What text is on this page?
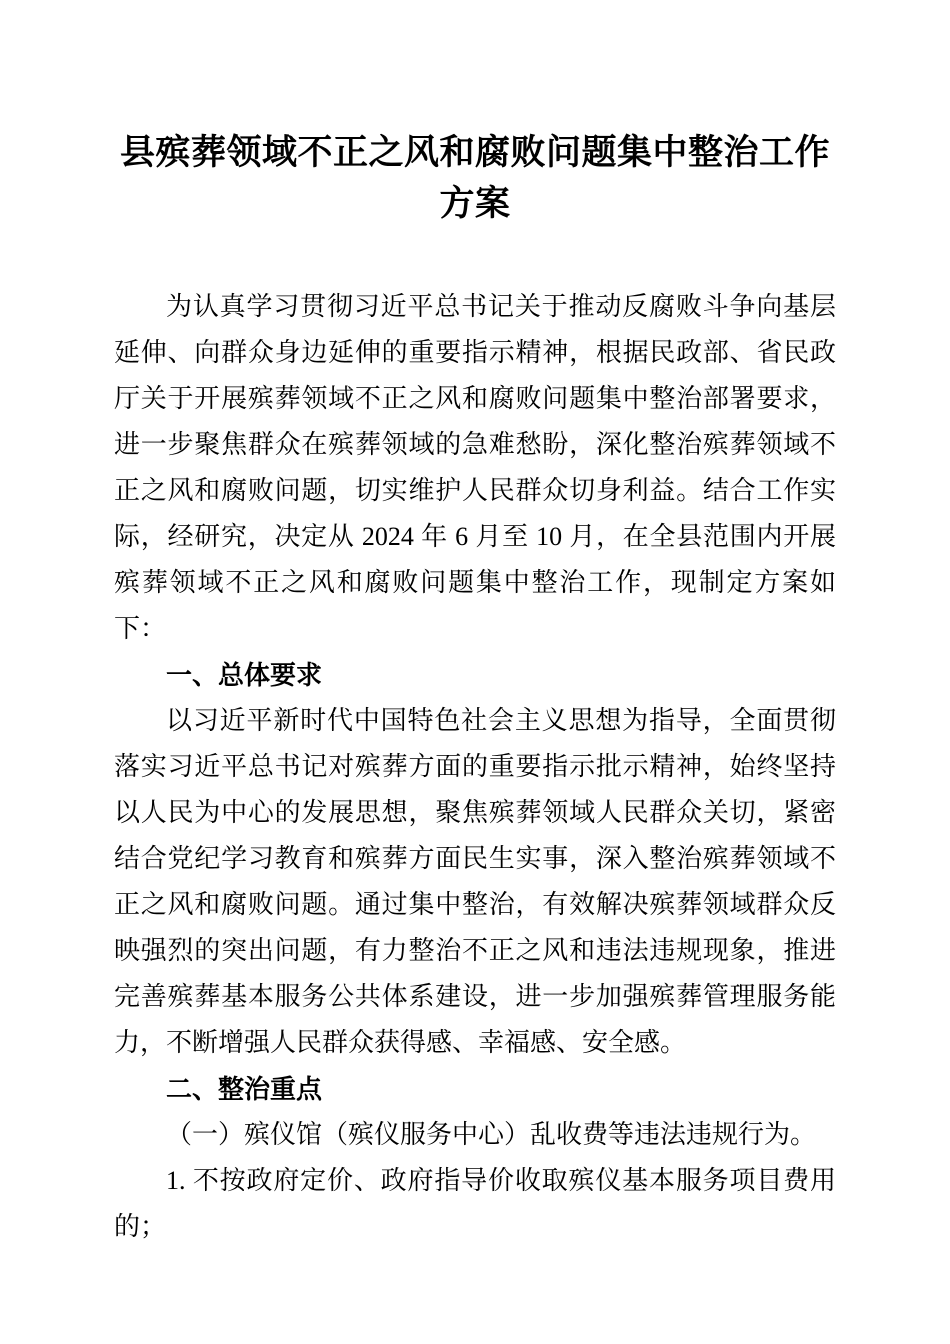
县殡葬领域不正之风和腐败问题集中整治工作方案

为认真学习贯彻习近平总书记关于推动反腐败斗争向基层延伸、向群众身边延伸的重要指示精神，根据民政部、省民政厅关于开展殡葬领域不正之风和腐败问题集中整治部署要求，进一步聚焦群众在殡葬领域的急难愁盼，深化整治殡葬领域不正之风和腐败问题，切实维护人民群众切身利益。结合工作实际，经研究，决定从 2024 年 6 月至 10 月，在全县范围内开展殡葬领域不正之风和腐败问题集中整治工作，现制定方案如下：

一、总体要求

以习近平新时代中国特色社会主义思想为指导，全面贯彻落实习近平总书记对殡葬方面的重要指示批示精神，始终坚持以人民为中心的发展思想，聚焦殡葬领域人民群众关切，紧密结合党纪学习教育和殡葬方面民生实事，深入整治殡葬领域不正之风和腐败问题。通过集中整治，有效解决殡葬领域群众反映强烈的突出问题，有力整治不正之风和违法违规现象，推进完善殡葬基本服务公共体系建设，进一步加强殡葬管理服务能力，不断增强人民群众获得感、幸福感、安全感。

二、整治重点

（一）殡仪馆（殡仪服务中心）乱收费等违法违规行为。

1. 不按政府定价、政府指导价收取殡仪基本服务项目费用的；
